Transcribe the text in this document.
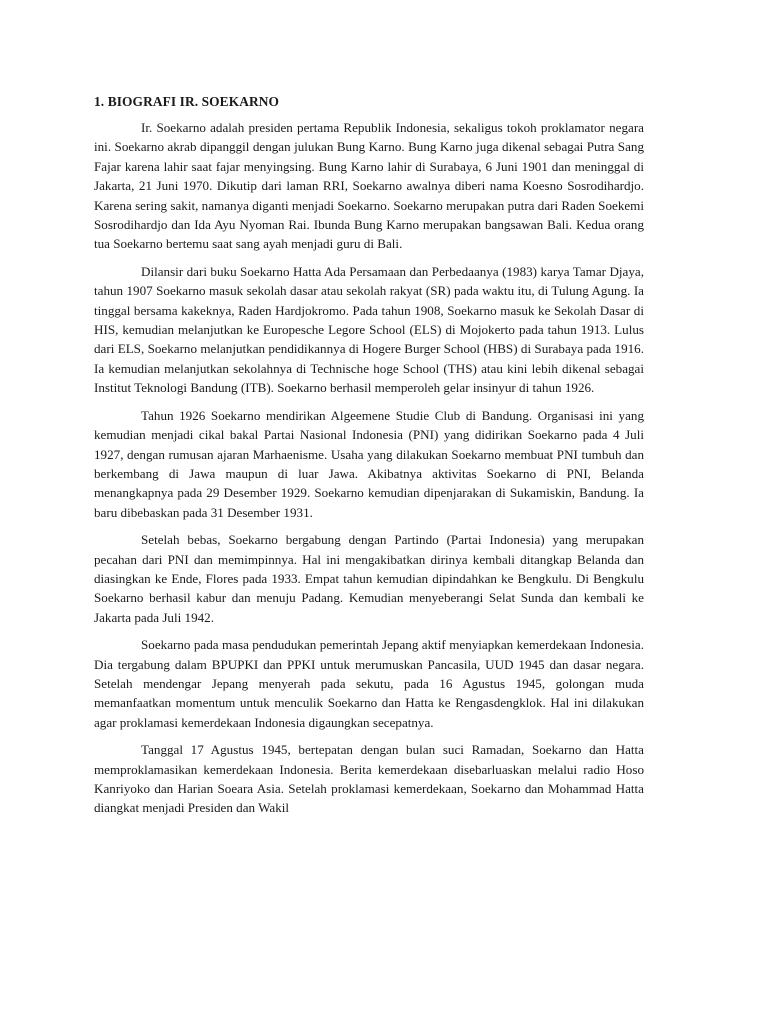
1. BIOGRAFI IR. SOEKARNO

Ir. Soekarno adalah presiden pertama Republik Indonesia, sekaligus tokoh proklamator negara ini. Soekarno akrab dipanggil dengan julukan Bung Karno. Bung Karno juga dikenal sebagai Putra Sang Fajar karena lahir saat fajar menyingsing. Bung Karno lahir di Surabaya, 6 Juni 1901 dan meninggal di Jakarta, 21 Juni 1970. Dikutip dari laman RRI, Soekarno awalnya diberi nama Koesno Sosrodihardjo. Karena sering sakit, namanya diganti menjadi Soekarno. Soekarno merupakan putra dari Raden Soekemi Sosrodihardjo dan Ida Ayu Nyoman Rai. Ibunda Bung Karno merupakan bangsawan Bali. Kedua orang tua Soekarno bertemu saat sang ayah menjadi guru di Bali.

Dilansir dari buku Soekarno Hatta Ada Persamaan dan Perbedaanya (1983) karya Tamar Djaya, tahun 1907 Soekarno masuk sekolah dasar atau sekolah rakyat (SR) pada waktu itu, di Tulung Agung. Ia tinggal bersama kakeknya, Raden Hardjokromo. Pada tahun 1908, Soekarno masuk ke Sekolah Dasar di HIS, kemudian melanjutkan ke Europesche Legore School (ELS) di Mojokerto pada tahun 1913. Lulus dari ELS, Soekarno melanjutkan pendidikannya di Hogere Burger School (HBS) di Surabaya pada 1916. Ia kemudian melanjutkan sekolahnya di Technische hoge School (THS) atau kini lebih dikenal sebagai Institut Teknologi Bandung (ITB). Soekarno berhasil memperoleh gelar insinyur di tahun 1926.

Tahun 1926 Soekarno mendirikan Algeemene Studie Club di Bandung. Organisasi ini yang kemudian menjadi cikal bakal Partai Nasional Indonesia (PNI) yang didirikan Soekarno pada 4 Juli 1927, dengan rumusan ajaran Marhaenisme. Usaha yang dilakukan Soekarno membuat PNI tumbuh dan berkembang di Jawa maupun di luar Jawa. Akibatnya aktivitas Soekarno di PNI, Belanda menangkapnya pada 29 Desember 1929. Soekarno kemudian dipenjarakan di Sukamiskin, Bandung. Ia baru dibebaskan pada 31 Desember 1931.

Setelah bebas, Soekarno bergabung dengan Partindo (Partai Indonesia) yang merupakan pecahan dari PNI dan memimpinnya. Hal ini mengakibatkan dirinya kembali ditangkap Belanda dan diasingkan ke Ende, Flores pada 1933. Empat tahun kemudian dipindahkan ke Bengkulu. Di Bengkulu Soekarno berhasil kabur dan menuju Padang. Kemudian menyeberangi Selat Sunda dan kembali ke Jakarta pada Juli 1942.

Soekarno pada masa pendudukan pemerintah Jepang aktif menyiapkan kemerdekaan Indonesia. Dia tergabung dalam BPUPKI dan PPKI untuk merumuskan Pancasila, UUD 1945 dan dasar negara. Setelah mendengar Jepang menyerah pada sekutu, pada 16 Agustus 1945, golongan muda memanfaatkan momentum untuk menculik Soekarno dan Hatta ke Rengasdengklok. Hal ini dilakukan agar proklamasi kemerdekaan Indonesia digaungkan secepatnya.

Tanggal 17 Agustus 1945, bertepatan dengan bulan suci Ramadan, Soekarno dan Hatta memproklamasikan kemerdekaan Indonesia. Berita kemerdekaan disebarluaskan melalui radio Hoso Kanriyoko dan Harian Soeara Asia. Setelah proklamasi kemerdekaan, Soekarno dan Mohammad Hatta diangkat menjadi Presiden dan Wakil
